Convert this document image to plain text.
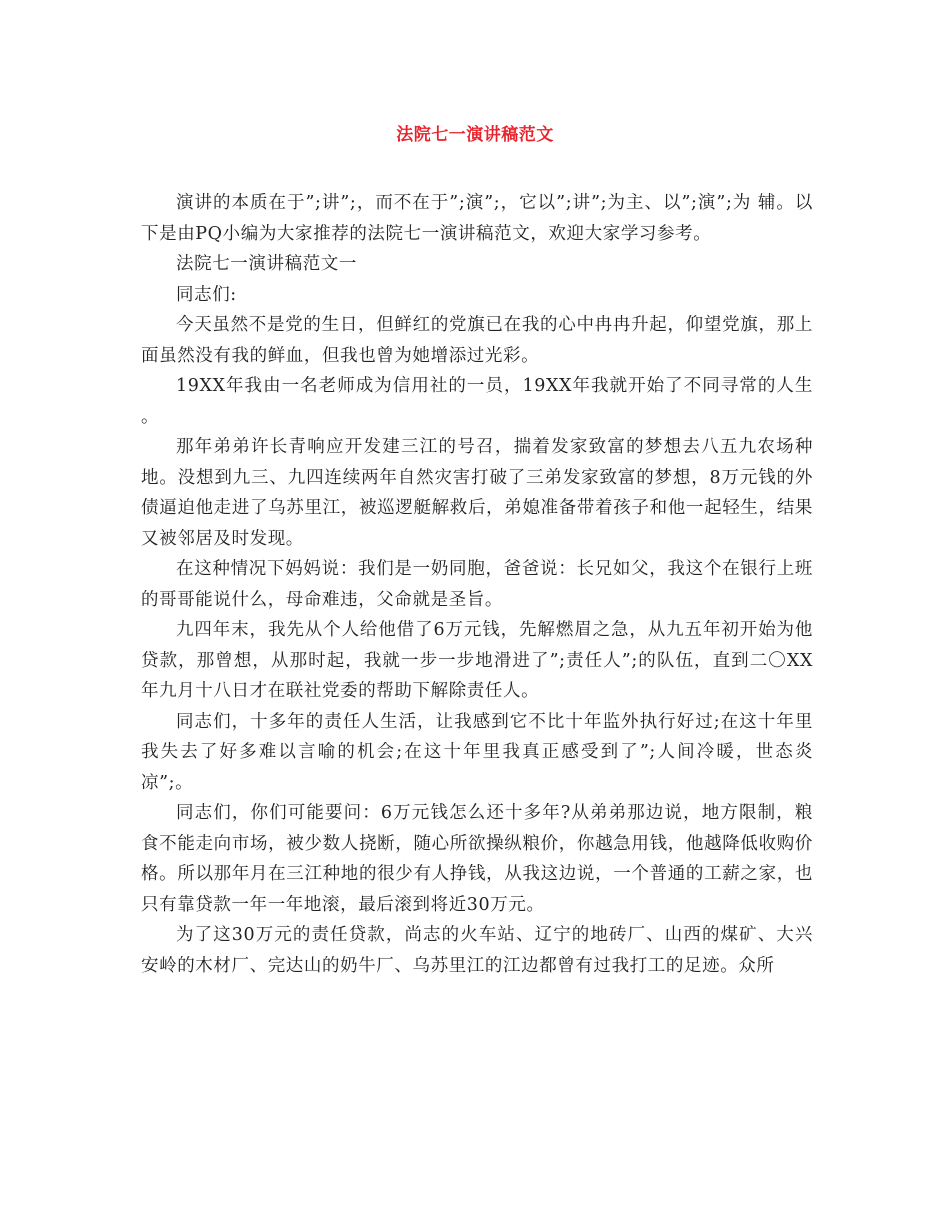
法院七一演讲稿范文

演讲的本质在于”;讲”;，而不在于”;演”;，它以”;讲”;为主、以”;演”;为 辅。以下是由PQ小编为大家推荐的法院七一演讲稿范文，欢迎大家学习参考。

法院七一演讲稿范文一

同志们:

今天虽然不是党的生日，但鲜红的党旗已在我的心中冉冉升起，仰望党旗，那上面虽然没有我的鲜血，但我也曾为她增添过光彩。

19XX年我由一名老师成为信用社的一员，19XX年我就开始了不同寻常的人生 。

那年弟弟许长青响应开发建三江的号召，揣着发家致富的梦想去八五九农场种地。没想到九三、九四连续两年自然灾害打破了三弟发家致富的梦想，8万元钱的外债逼迫他走进了乌苏里江，被巡逻艇解救后，弟媳准备带着孩子和他一起轻生，结果又被邻居及时发现。

在这种情况下妈妈说：我们是一奶同胞，爸爸说：长兄如父，我这个在银行上班的哥哥能说什么，母命难违，父命就是圣旨。

九四年末，我先从个人给他借了6万元钱，先解燃眉之急，从九五年初开始为他贷款，那曾想，从那时起，我就一步一步地滑进了”;责任人”;的队伍，直到二〇XX年九月十八日才在联社党委的帮助下解除责任人。

同志们，十多年的责任人生活，让我感到它不比十年监外执行好过;在这十年里我失去了好多难以言喻的机会;在这十年里我真正感受到了”;人间冷暖，世态炎凉”;。

同志们，你们可能要问：6万元钱怎么还十多年?从弟弟那边说，地方限制，粮食不能走向市场，被少数人挠断，随心所欲操纵粮价，你越急用钱，他越降低收购价格。所以那年月在三江种地的很少有人挣钱，从我这边说，一个普通的工薪之家，也只有靠贷款一年一年地滚，最后滚到将近30万元。

为了这30万元的责任贷款，尚志的火车站、辽宁的地砖厂、山西的煤矿、大兴安岭的木材厂、完达山的奶牛厂、乌苏里江的江边都曾有过我打工的足迹。众所
